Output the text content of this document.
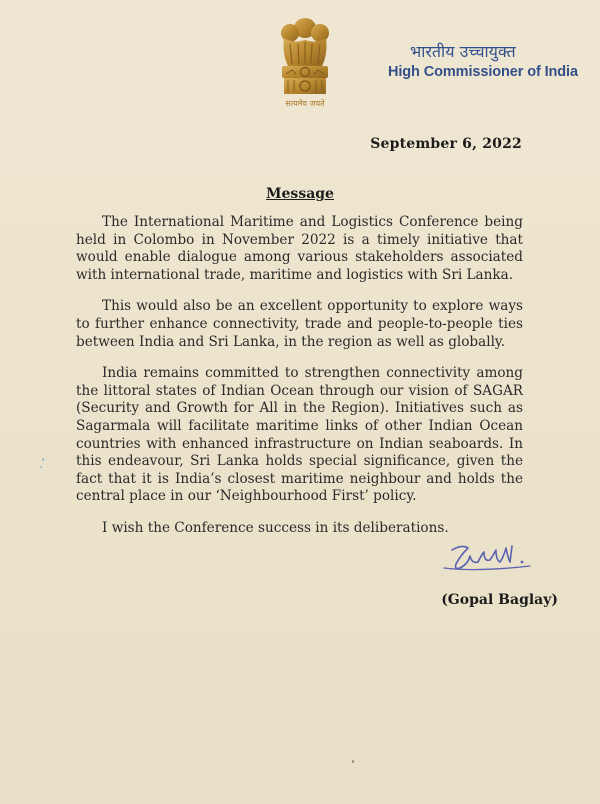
सत्यमेव जयते
भारतीय उच्चायुक्त
High Commissioner of India
September 6, 2022
Message

The International Maritime and Logistics Conference being held in Colombo in November 2022 is a timely initiative that would enable dialogue among various stakeholders associated with international trade, maritime and logistics with Sri Lanka.

This would also be an excellent opportunity to explore ways to further enhance connectivity, trade and people-to-people ties between India and Sri Lanka, in the region as well as globally.

India remains committed to strengthen connectivity among the littoral states of Indian Ocean through our vision of SAGAR (Security and Growth for All in the Region). Initiatives such as Sagarmala will facilitate maritime links of other Indian Ocean countries with enhanced infrastructure on Indian seaboards. In this endeavour, Sri Lanka holds special significance, given the fact that it is India’s closest maritime neighbour and holds the central place in our ‘Neighbourhood First’ policy.

I wish the Conference success in its deliberations.

(Gopal Baglay)
